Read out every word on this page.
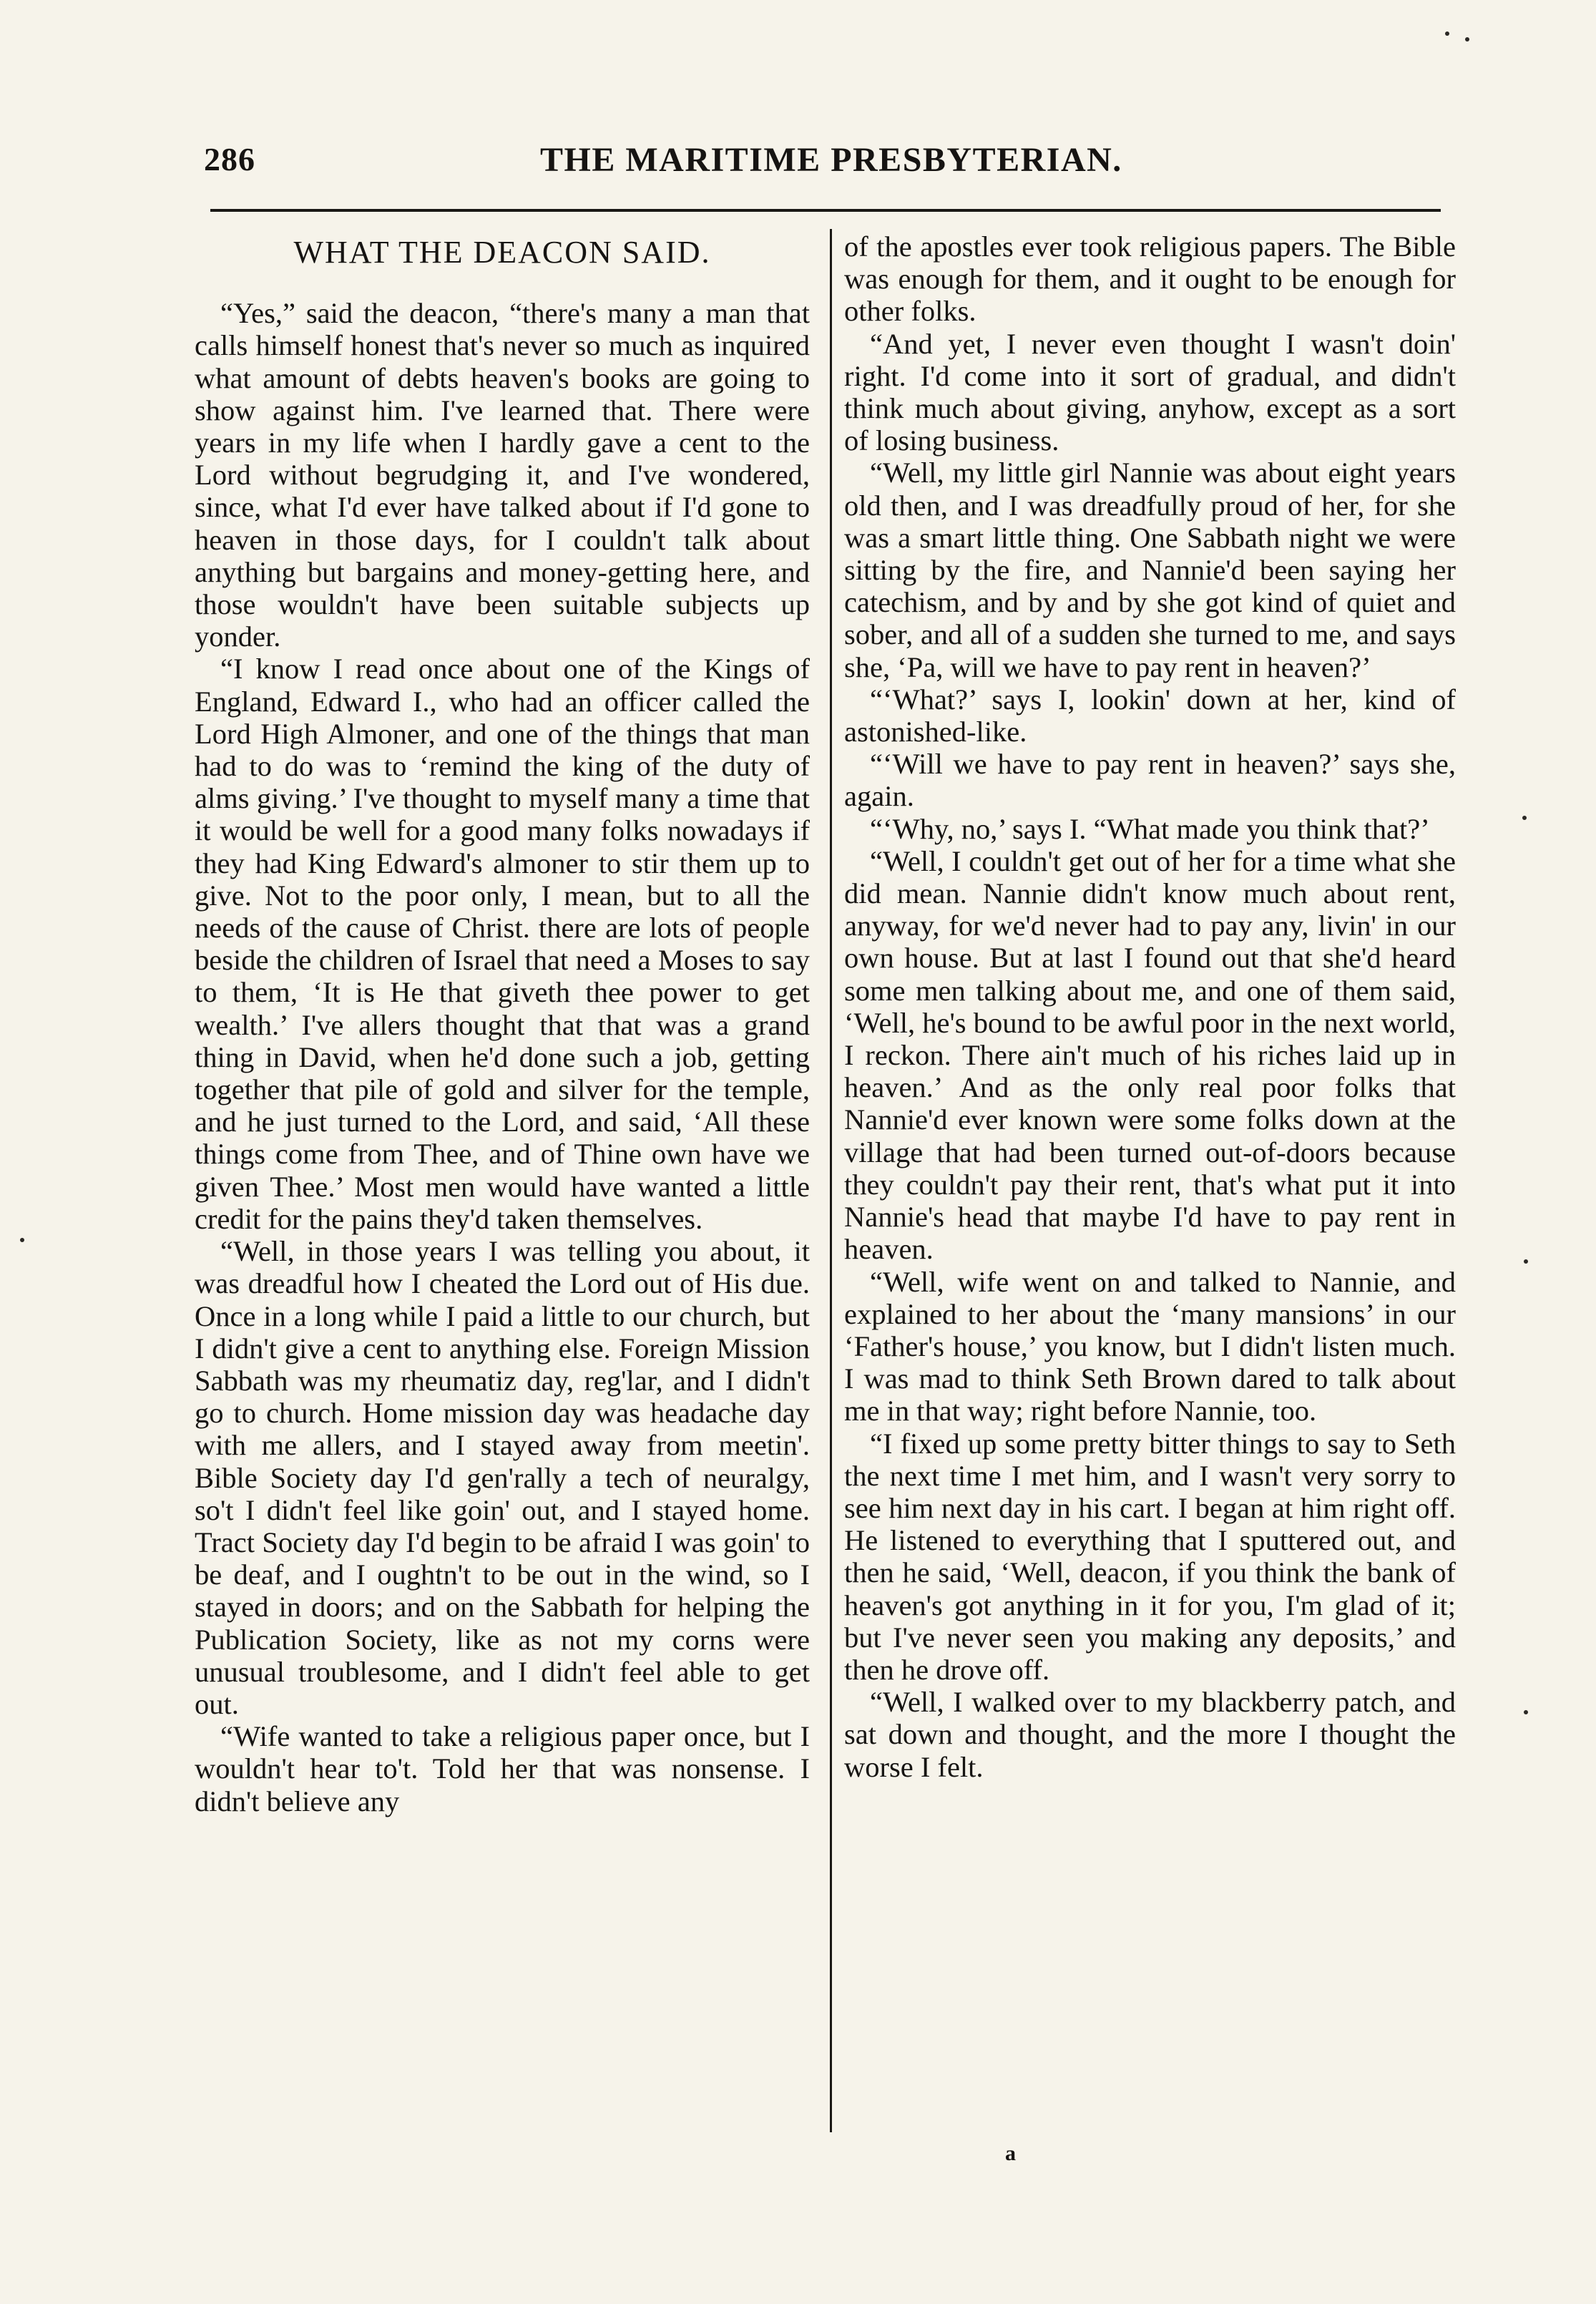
286	THE MARITIME PRESBYTERIAN.
WHAT THE DEACON SAID.

“Yes,” said the deacon, “there's many a man that calls himself honest that's never so much as inquired what amount of debts heaven's books are going to show against him. I've learned that. There were years in my life when I hardly gave a cent to the Lord without begrudging it, and I've wondered, since, what I'd ever have talked about if I'd gone to heaven in those days, for I couldn't talk about anything but bargains and money-getting here, and those wouldn't have been suitable subjects up yonder.

“I know I read once about one of the Kings of England, Edward I., who had an officer called the Lord High Almoner, and one of the things that man had to do was to ‘remind the king of the duty of alms giving.’ I've thought to myself many a time that it would be well for a good many folks nowadays if they had King Edward's almoner to stir them up to give. Not to the poor only, I mean, but to all the needs of the cause of Christ. there are lots of people beside the children of Israel that need a Moses to say to them, ‘It is He that giveth thee power to get wealth.’ I've allers thought that that was a grand thing in David, when he'd done such a job, getting together that pile of gold and silver for the temple, and he just turned to the Lord, and said, ‘All these things come from Thee, and of Thine own have we given Thee.’ Most men would have wanted a little credit for the pains they'd taken themselves.

“Well, in those years I was telling you about, it was dreadful how I cheated the Lord out of His due. Once in a long while I paid a little to our church, but I didn't give a cent to anything else. Foreign Mission Sabbath was my rheumatiz day, reg'lar, and I didn't go to church. Home mission day was headache day with me allers, and I stayed away from meetin'. Bible Society day I'd gen'rally a tech of neuralgy, so't I didn't feel like goin' out, and I stayed home. Tract Society day I'd begin to be afraid I was goin' to be deaf, and I oughtn't to be out in the wind, so I stayed in doors; and on the Sabbath for helping the Publication Society, like as not my corns were unusual troublesome, and I didn't feel able to get out.

“Wife wanted to take a religious paper once, but I wouldn't hear to't. Told her that was nonsense. I didn't believe any

of the apostles ever took religious papers. The Bible was enough for them, and it ought to be enough for other folks.

“And yet, I never even thought I wasn't doin' right. I'd come into it sort of gradual, and didn't think much about giving, anyhow, except as a sort of losing business.

“Well, my little girl Nannie was about eight years old then, and I was dreadfully proud of her, for she was a smart little thing. One Sabbath night we were sitting by the fire, and Nannie'd been saying her catechism, and by and by she got kind of quiet and sober, and all of a sudden she turned to me, and says she, ‘Pa, will we have to pay rent in heaven?’

“‘What?’ says I, lookin' down at her, kind of astonished-like.

“‘Will we have to pay rent in heaven?’ says she, again.

“‘Why, no,’ says I. “What made you think that?’

“Well, I couldn't get out of her for a time what she did mean. Nannie didn't know much about rent, anyway, for we'd never had to pay any, livin' in our own house. But at last I found out that she'd heard some men talking about me, and one of them said, ‘Well, he's bound to be awful poor in the next world, I reckon. There ain't much of his riches laid up in heaven.’ And as the only real poor folks that Nannie'd ever known were some folks down at the village that had been turned out-of-doors because they couldn't pay their rent, that's what put it into Nannie's head that maybe I'd have to pay rent in heaven.

“Well, wife went on and talked to Nannie, and explained to her about the ‘many mansions’ in our ‘Father's house,’ you know, but I didn't listen much. I was mad to think Seth Brown dared to talk about me in that way; right before Nannie, too.

“I fixed up some pretty bitter things to say to Seth the next time I met him, and I wasn't very sorry to see him next day in his cart. I began at him right off. He listened to everything that I sputtered out, and then he said, ‘Well, deacon, if you think the bank of heaven's got anything in it for you, I'm glad of it; but I've never seen you making any deposits,’ and then he drove off.

“Well, I walked over to my blackberry patch, and sat down and thought, and the more I thought the worse I felt.

a
